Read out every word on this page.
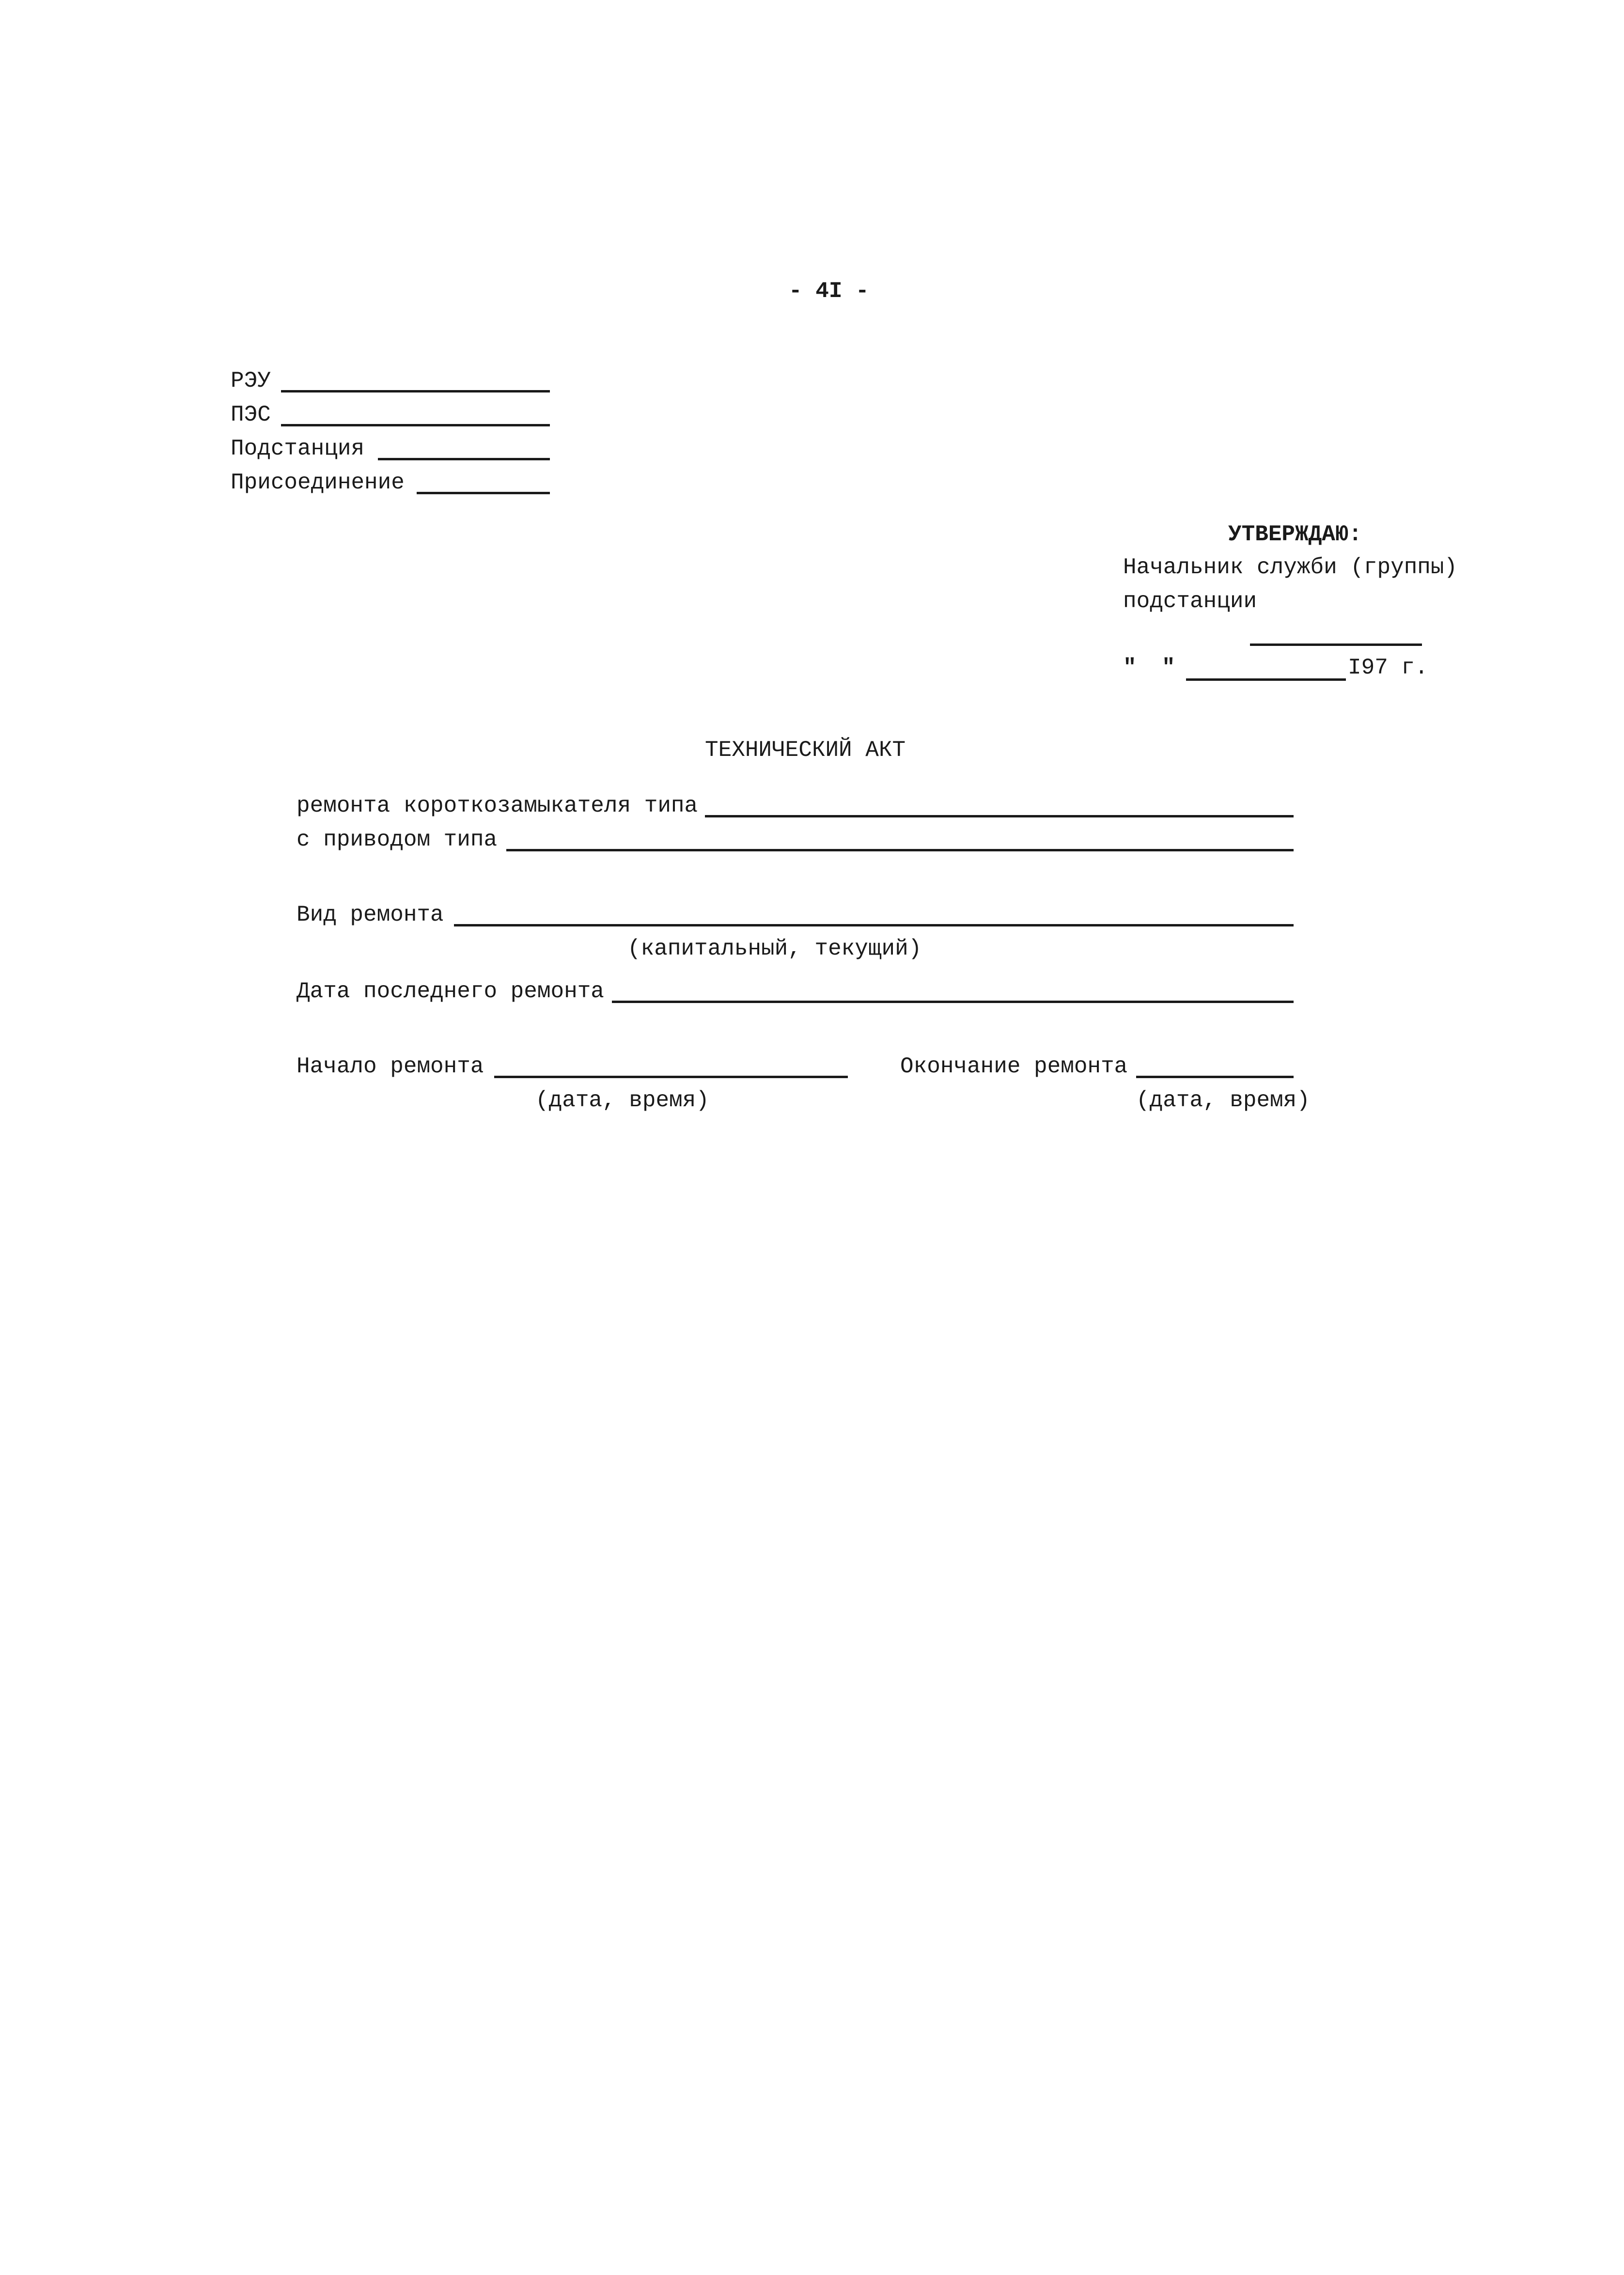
- 4I -
РЭУ
ПЭС
Подстанция
Присоединение
УТВЕРЖДАЮ:
Начальник служби (группы)
подстанции
" "	I97 г.
ТЕХНИЧЕСКИЙ АКТ
ремонта короткозамыкателя типа
с приводом типа
Вид ремонта
(капитальный, текущий)
Дата последнего ремонта
Начало ремонта
(дата, время)
Окончание ремонта
(дата, время)
